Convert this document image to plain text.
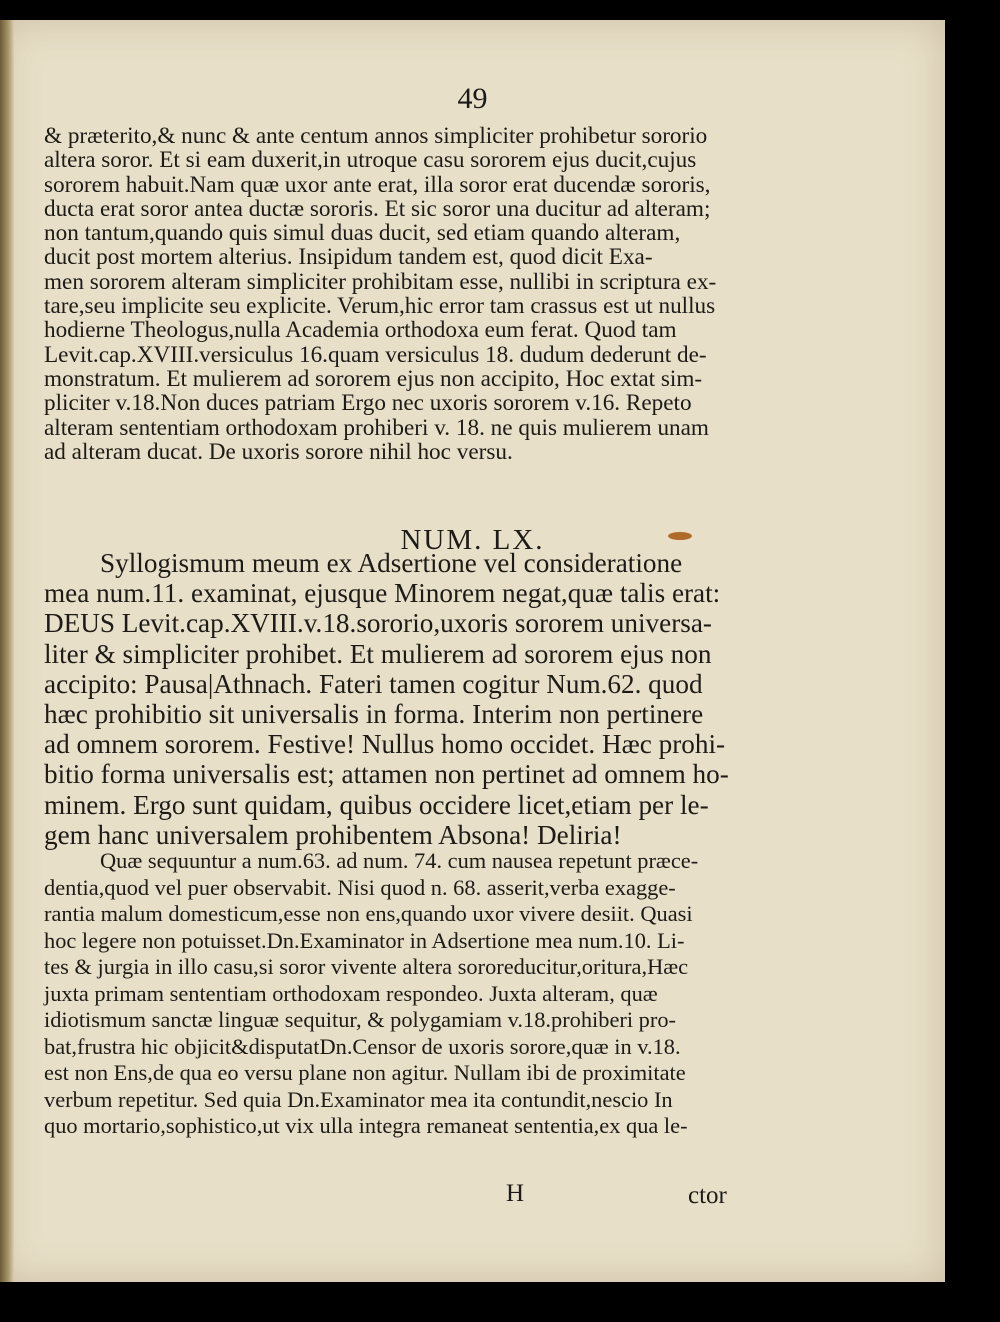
49

& præterito,& nunc & ante centum annos simpliciter prohibetur sororio

altera soror. Et si eam duxerit,in utroque casu sororem ejus ducit,cujus

sororem habuit.Nam quæ uxor ante erat, illa soror erat ducendæ sororis,

ducta erat soror antea ductæ sororis. Et sic soror una ducitur ad alteram;

non tantum,quando quis simul duas ducit, sed etiam quando alteram,

ducit post mortem alterius. Insipidum tandem est, quod dicit Exa-

men sororem alteram simpliciter prohibitam esse, nullibi in scriptura ex-

tare,seu implicite seu explicite. Verum,hic error tam crassus est ut nullus

hodierne Theologus,nulla Academia orthodoxa eum ferat. Quod tam

Levit.cap.XVIII.versiculus 16.quam versiculus 18. dudum dederunt de-

monstratum. Et mulierem ad sororem ejus non accipito, Hoc extat sim-

pliciter v.18.Non duces patriam Ergo nec uxoris sororem v.16. Repeto

alteram sententiam orthodoxam prohiberi v. 18. ne quis mulierem unam

ad alteram ducat. De uxoris sorore nihil hoc versu.

NUM. LX.

Syllogismum meum ex Adsertione vel consideratione

mea num.11. examinat, ejusque Minorem negat,quæ talis erat:

DEUS Levit.cap.XVIII.v.18.sororio,uxoris sororem universa-

liter & simpliciter prohibet. Et mulierem ad sororem ejus non

accipito: Pausa|Athnach. Fateri tamen cogitur Num.62. quod

hæc prohibitio sit universalis in forma. Interim non pertinere

ad omnem sororem. Festive! Nullus homo occidet. Hæc prohi-

bitio forma universalis est; attamen non pertinet ad omnem ho-

minem. Ergo sunt quidam, quibus occidere licet,etiam per le-

gem hanc universalem prohibentem Absona! Deliria!

Quæ sequuntur a num.63. ad num. 74. cum nausea repetunt præce-

dentia,quod vel puer observabit. Nisi quod n. 68. asserit,verba exagge-

rantia malum domesticum,esse non ens,quando uxor vivere desiit. Quasi

hoc legere non potuisset.Dn.Examinator in Adsertione mea num.10. Li-

tes & jurgia in illo casu,si soror vivente altera sororeducitur,oritura,Hæc

juxta primam sententiam orthodoxam respondeo. Juxta alteram, quæ

idiotismum sanctæ linguæ sequitur, & polygamiam v.18.prohiberi pro-

bat,frustra hic objicit&disputatDn.Censor de uxoris sorore,quæ in v.18.

est non Ens,de qua eo versu plane non agitur. Nullam ibi de proximitate

verbum repetitur. Sed quia Dn.Examinator mea ita contundit,nescio In

quo mortario,sophistico,ut vix ulla integra remaneat sententia,ex qua le-

H	ctor
